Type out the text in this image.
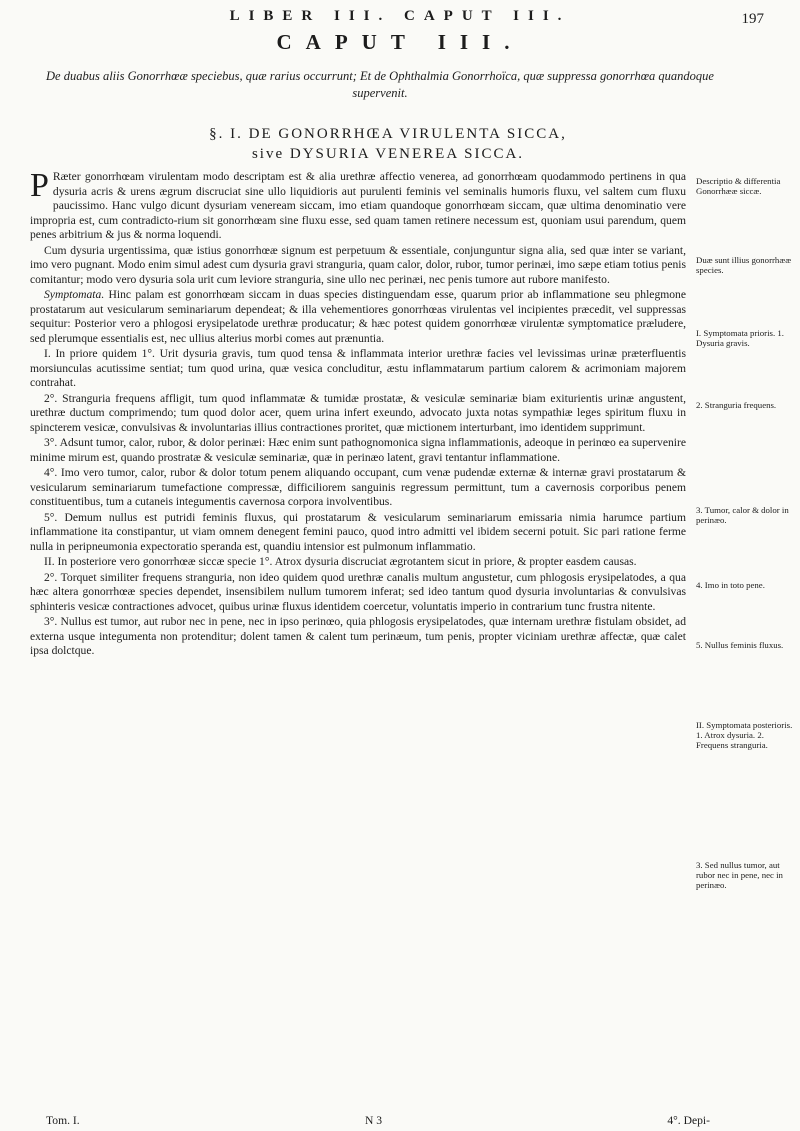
LIBER III. CAPUT III.	197
CAPUT III.
De duabus aliis Gonorrhœæ speciebus, quæ rarius occurrunt; Et de Ophthalmia Gonorrhoïca, quæ suppressa gonorrhœa quandoque supervenit.
§. I. DE GONORRHŒA VIRULENTA SICCA,
sive DYSURIA VENEREA SICCA.

P Ræter gonorrhœam virulentam modo descriptam est & alia urethræ affectio venerea, ad gonorrhœam quodammodo pertinens in qua dysuria acris & urens ægrum discruciat sine ullo liquidioris aut purulenti feminis vel seminalis humoris fluxu, vel saltem cum fluxu paucissimo. Hanc vulgo dicunt dysuriam veneream siccam, imo etiam quandoque gonorrhœam siccam, quæ ultima denominatio vere impropria est, cum contradicto-rium sit gonorrhœam sine fluxu esse, sed quam tamen retinere necessum est, quoniam usui parendum, quem penes arbitrium & jus & norma loquendi.

Cum dysuria urgentissima, quæ istius gonorrhœæ signum est perpetuum & essentiale, conjunguntur signa alia, sed quæ inter se variant, imo vero pugnant. Modo enim simul adest cum dysuria gravi stranguria, quam calor, dolor, rubor, tumor perinæi, imo sæpe etiam totius penis comitantur; modo vero dysuria sola urit cum leviore stranguria, sine ullo nec perinæi, nec penis tumore aut rubore manifesto.

Symptomata. Hinc palam est gonorrhœam siccam in duas species distinguendam esse, quarum prior ab inflammatione seu phlegmone prostatarum aut vesicularum seminariarum dependeat; & illa vehementiores gonorrhœas virulentas vel incipientes præcedit, vel suppressas sequitur: Posterior vero a phlogosi erysipelatode urethræ producatur; & hæc potest quidem gonorrhœæ virulentæ symptomatice præludere, sed plerumque essentialis est, nec ullius alterius morbi comes aut prænuntia.

I. In priore quidem 1°. Urit dysuria gravis, tum quod tensa & inflammata interior urethræ facies vel levissimas urinæ præterfluentis morsiunculas acutissime sentiat; tum quod urina, quæ vesica concluditur, æstu inflammatarum partium calorem & acrimoniam majorem contrahat.

2°. Stranguria frequens affligit, tum quod inflammatæ & tumidæ prostatæ, & vesiculæ seminariæ biam exiturientis urinæ angustent, urethræ ductum comprimendo; tum quod dolor acer, quem urina infert exeundo, advocato juxta notas sympathiæ leges spiritum fluxu in spincterem vesicæ, convulsivas & involuntarias illius contractiones proritet, quæ mictionem interturbant, imo identidem supprimunt.

3°. Adsunt tumor, calor, rubor, & dolor perinæi: Hæc enim sunt pathognomonica signa inflammationis, adeoque in perinœo ea supervenire minime mirum est, quando prostratæ & vesiculæ seminariæ, quæ in perinæo latent, gravi tentantur inflammatione.

4°. Imo vero tumor, calor, rubor & dolor totum penem aliquando occupant, cum venæ pudendæ externæ & internæ gravi prostatarum & vesicularum seminariarum tumefactione compressæ, difficiliorem sanguinis regressum permittunt, tum a cavernosis corporibus penem constituentibus, tum a cutaneis integumentis cavernosa corpora involventibus.

5°. Demum nullus est putridi feminis fluxus, qui prostatarum & vesicularum seminariarum emissaria nimia harumce partium inflammatione ita constipantur, ut viam omnem denegent femini pauco, quod intro admitti vel ibidem secerni potuit. Sic pari ratione ferme nulla in peripneumonia expectoratio speranda est, quandiu intensior est pulmonum inflammatio.

II. In posteriore vero gonorrhœæ siccæ specie 1°. Atrox dysuria discruciat ægrotantem sicut in priore, & propter easdem causas.

2°. Torquet similiter frequens stranguria, non ideo quidem quod urethræ canalis multum angustetur, cum phlogosis erysipelatodes, a qua hæc altera gonorrhœæ species dependet, insensibilem nullum tumorem inferat; sed ideo tantum quod dysuria involuntarias & convulsivas sphinteris vesicæ contractiones advocet, quibus urinæ fluxus identidem coercetur, voluntatis imperio in contrarium tunc frustra nitente.

3°. Nullus est tumor, aut rubor nec in pene, nec in ipso perinœo, quia phlogosis erysipelatodes, quæ internam urethræ fistulam obsidet, ad externa usque integumenta non protenditur; dolent tamen & calent tum perinæum, tum penis, propter viciniam urethræ affectæ, quæ calet ipsa dolctque.

Descriptio & differentia Gonorrhææ siccæ.
Duæ sunt illius gonorrhææ species.
I. Symptomata prioris. 1. Dysuria gravis.
2. Stranguria frequens.
3. Tumor, calor & dolor in perinæo.
4. Imo in toto pene.
5. Nullus feminis fluxus.
II. Symptomata posterioris. 1. Atrox dysuria. 2. Frequens stranguria.
3. Sed nullus tumor, aut rubor nec in pene, nec in perinæo.
Tom. I.	N 3	4°. Depi-
